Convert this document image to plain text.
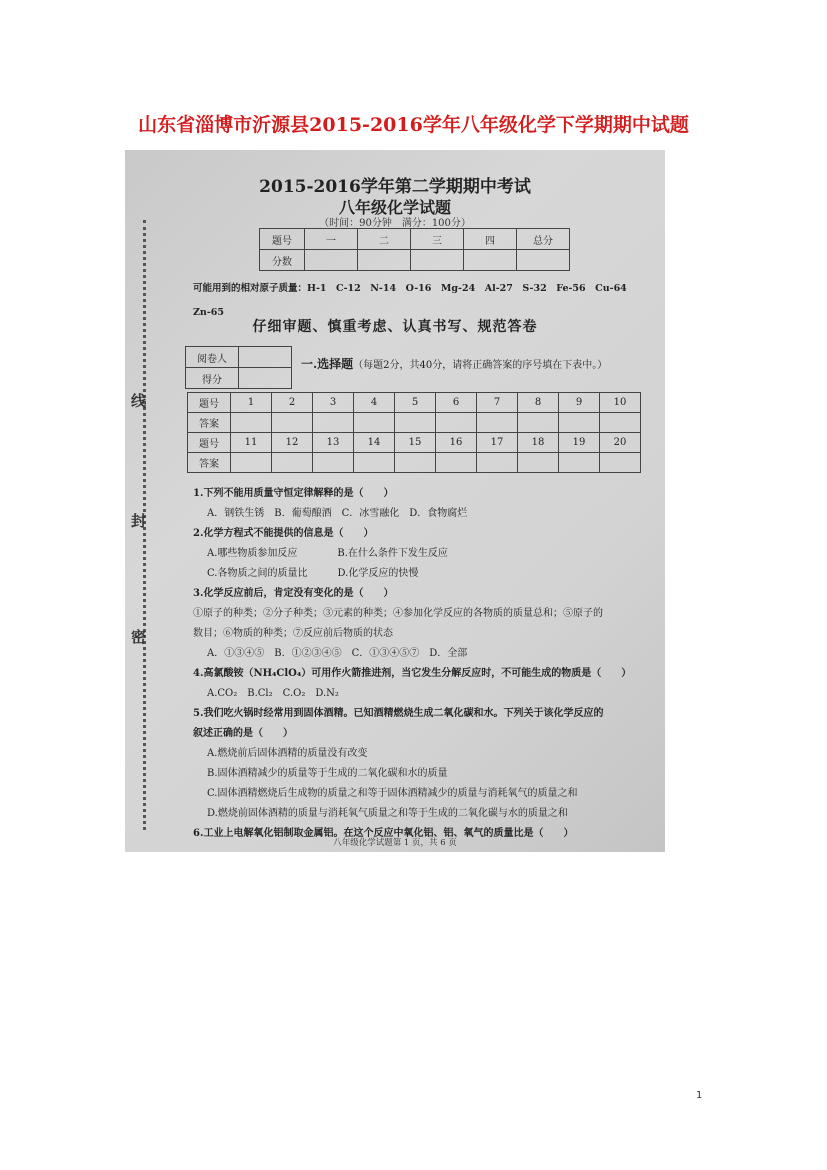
山东省淄博市沂源县2015-2016学年八年级化学下学期期中试题
线
封
密
2015-2016学年第二学期期中考试
八年级化学试题
（时间：90分钟　满分：100分）
题号	一	二	三	四	总分
分数					
可能用到的相对原子质量：H-1　C-12　N-14　O-16　Mg-24　Al-27　S-32　Fe-56　Cu-64　Zn-65
仔细审题、慎重考虑、认真书写、规范答卷
阅卷人	
得分	
一.选择题（每题2分，共40分，请将正确答案的序号填在下表中。）
题号	1	2	3	4	5	6	7	8	9	10
答案										
题号	11	12	13	14	15	16	17	18	19	20
答案										
1.下列不能用质量守恒定律解释的是（　　）
A．钢铁生锈　B．葡萄酿酒　C．冰雪融化　D．食物腐烂
2.化学方程式不能提供的信息是（　　）
A.哪些物质参加反应　　　　B.在什么条件下发生反应
C.各物质之间的质量比　　　D.化学反应的快慢
3.化学反应前后，肯定没有变化的是（　　）
①原子的种类；②分子种类；③元素的种类；④参加化学反应的各物质的质量总和；⑤原子的
数目；⑥物质的种类；⑦反应前后物质的状态
A．①③④⑤　B．①②③④⑤　C．①③④⑤⑦　D．全部
4.高氯酸铵（NH₄ClO₄）可用作火箭推进剂，当它发生分解反应时，不可能生成的物质是（　　）
A.CO₂　B.Cl₂　C.O₂　D.N₂
5.我们吃火锅时经常用到固体酒精。已知酒精燃烧生成二氧化碳和水。下列关于该化学反应的
叙述正确的是（　　）
A.燃烧前后固体酒精的质量没有改变
B.固体酒精减少的质量等于生成的二氧化碳和水的质量
C.固体酒精燃烧后生成物的质量之和等于固体酒精减少的质量与消耗氧气的质量之和
D.燃烧前固体酒精的质量与消耗氧气质量之和等于生成的二氧化碳与水的质量之和
6.工业上电解氧化铝制取金属铝。在这个反应中氧化铝、铝、氧气的质量比是（　　）
八年级化学试题第 1 页，共 6 页
1
